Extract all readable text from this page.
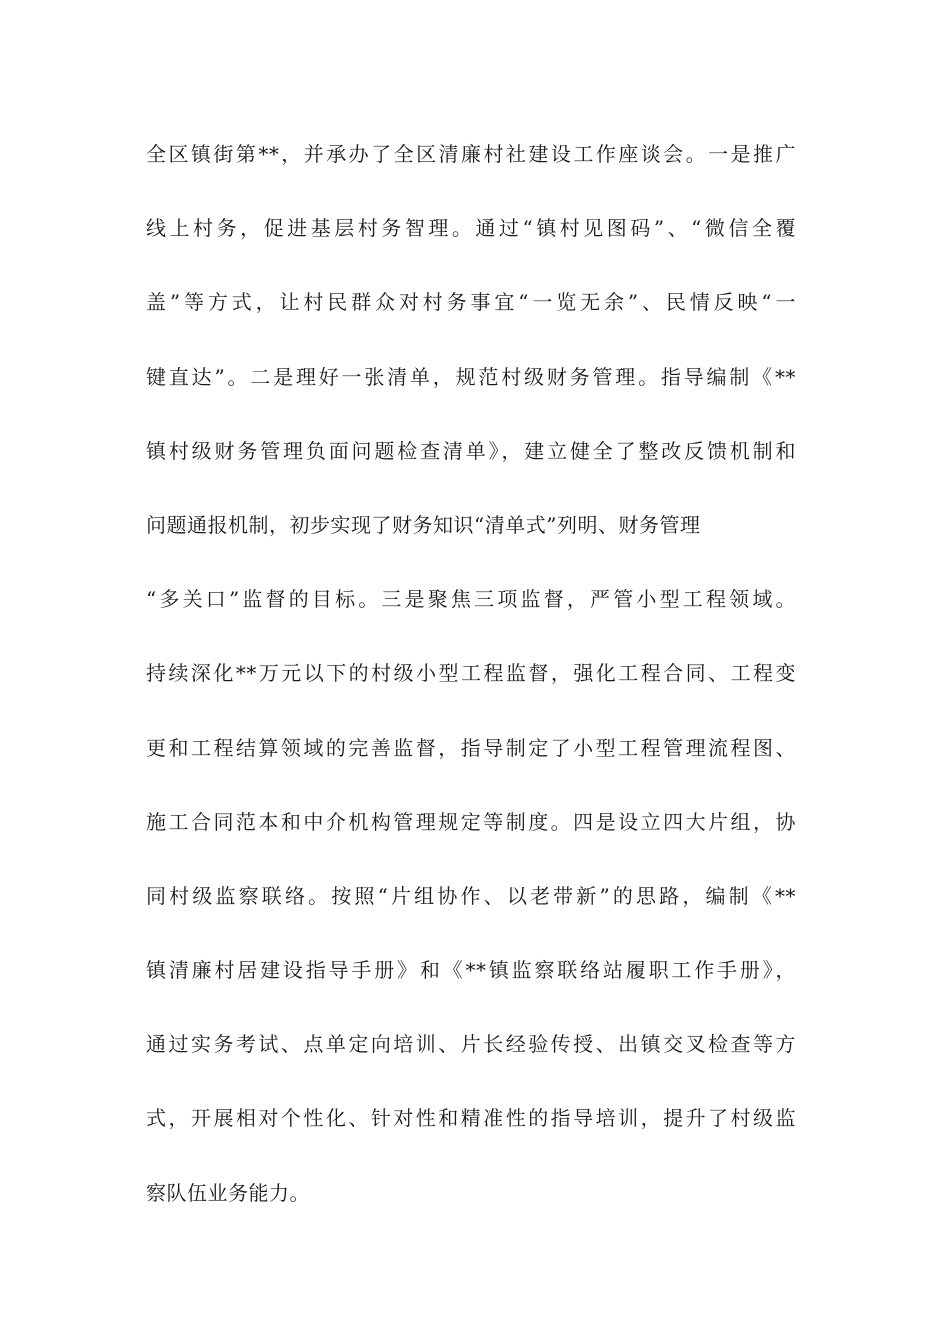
全区镇街第**，并承办了全区清廉村社建设工作座谈会。一是推广
线上村务，促进基层村务智理。通过“镇村见图码”、“微信全覆
盖”等方式，让村民群众对村务事宜“一览无余”、民情反映“一
键直达”。二是理好一张清单，规范村级财务管理。指导编制《**
镇村级财务管理负面问题检查清单》，建立健全了整改反馈机制和
问题通报机制，初步实现了财务知识“清单式”列明、财务管理
“多关口”监督的目标。三是聚焦三项监督，严管小型工程领域。
持续深化**万元以下的村级小型工程监督，强化工程合同、工程变
更和工程结算领域的完善监督，指导制定了小型工程管理流程图、
施工合同范本和中介机构管理规定等制度。四是设立四大片组，协
同村级监察联络。按照“片组协作、以老带新”的思路，编制《**
镇清廉村居建设指导手册》和《**镇监察联络站履职工作手册》，
通过实务考试、点单定向培训、片长经验传授、出镇交叉检查等方
式，开展相对个性化、针对性和精准性的指导培训，提升了村级监
察队伍业务能力。
